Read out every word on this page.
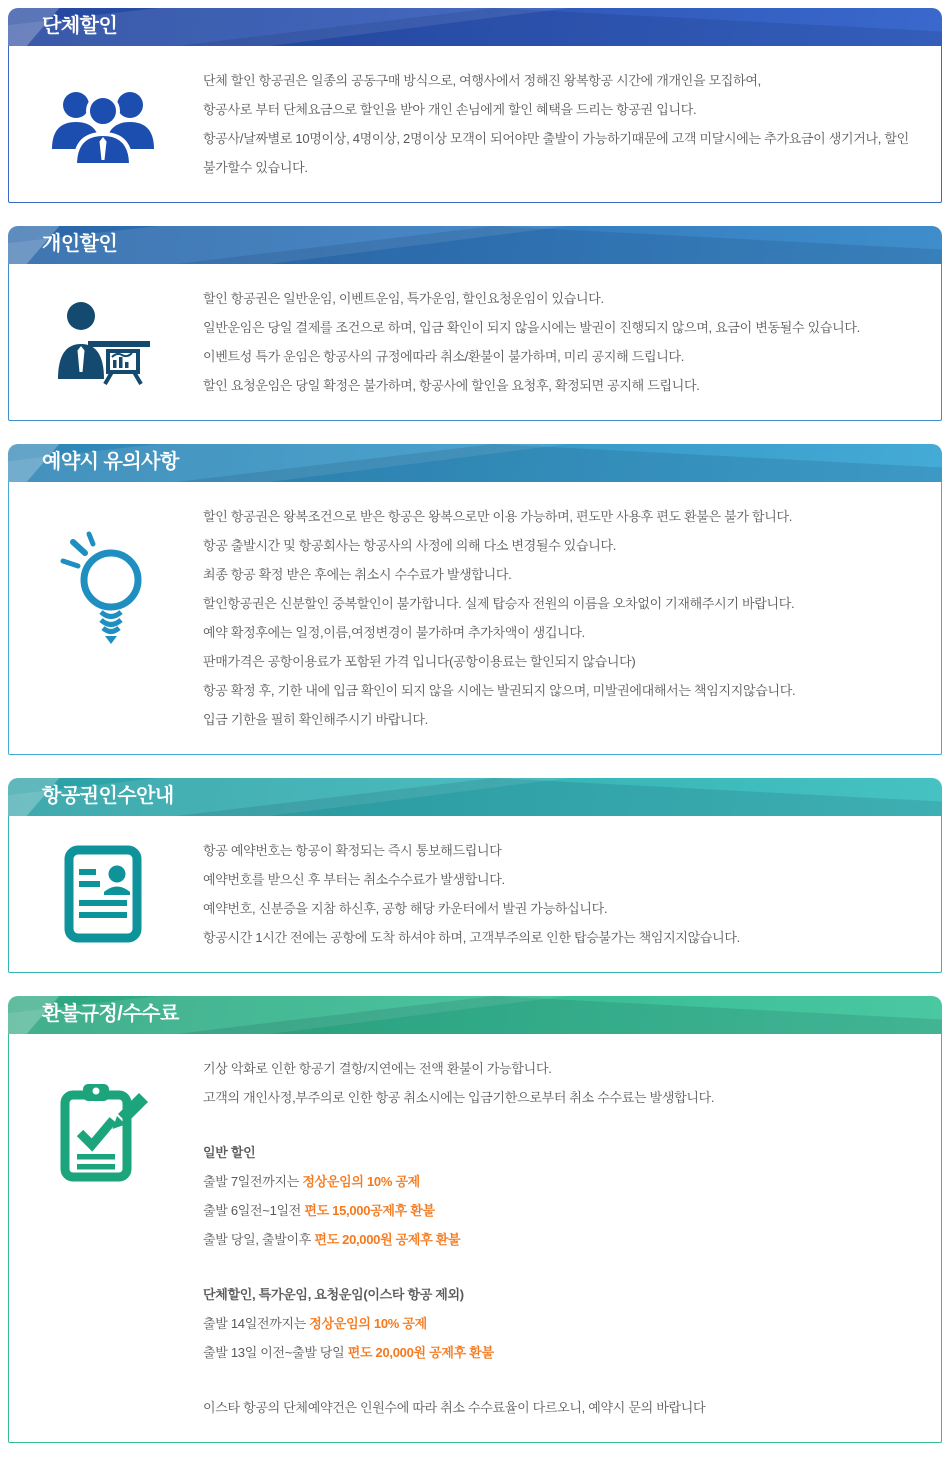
단체할인

단체 할인 항공권은 일종의 공동구매 방식으로, 여행사에서 정해진 왕복항공 시간에 개개인을 모집하여,

항공사로 부터 단체요금으로 할인을 받아 개인 손님에게 할인 혜택을 드리는 항공권 입니다.

항공사/날짜별로 10명이상, 4명이상, 2명이상 모객이 되어야만 출발이 가능하기때문에 고객 미달시에는 추가요금이 생기거나, 할인 불가할수 있습니다.

개인할인

할인 항공권은 일반운임, 이벤트운임, 특가운임, 할인요청운임이 있습니다.

일반운임은 당일 결제를 조건으로 하며, 입금 확인이 되지 않을시에는 발권이 진행되지 않으며, 요금이 변동될수 있습니다.

이벤트성 특가 운임은 항공사의 규정에따라 취소/환불이 불가하며, 미리 공지해 드립니다.

할인 요청운임은 당일 확정은 불가하며, 항공사에 할인을 요청후, 확정되면 공지해 드립니다.

예약시 유의사항

할인 항공권은 왕복조건으로 받은 항공은 왕복으로만 이용 가능하며, 편도만 사용후 편도 환불은 불가 합니다.

항공 출발시간 및 항공회사는 항공사의 사정에 의해 다소 변경될수 있습니다.

최종 항공 확정 받은 후에는 취소시 수수료가 발생합니다.

할인항공권은 신분할인 중복할인이 불가합니다. 실제 탑승자 전원의 이름을 오차없이 기재해주시기 바랍니다.

예약 확정후에는 일정,이름,여정변경이 불가하며 추가차액이 생깁니다.

판매가격은 공항이용료가 포함된 가격 입니다(공항이용료는 할인되지 않습니다)

항공 확정 후, 기한 내에 입금 확인이 되지 않을 시에는 발권되지 않으며, 미발권에대해서는 책임지지않습니다.

입금 기한을 필히 확인해주시기 바랍니다.

항공권인수안내

항공 예약번호는 항공이 확정되는 즉시 통보해드립니다

예약번호를 받으신 후 부터는 취소수수료가 발생합니다.

예약번호, 신분증을 지참 하신후, 공항 해당 카운터에서 발권 가능하십니다.

항공시간 1시간 전에는 공항에 도착 하셔야 하며, 고객부주의로 인한 탑승불가는 책임지지않습니다.

환불규정/수수료

기상 악화로 인한 항공기 결항/지연에는 전액 환불이 가능합니다.

고객의 개인사정,부주의로 인한 항공 취소시에는 입금기한으로부터 취소 수수료는 발생합니다.

일반 할인

출발 7일전까지는 정상운임의 10% 공제

출발 6일전~1일전 편도 15,000공제후 환불

출발 당일, 출발이후 편도 20,000원 공제후 환불

단체할인, 특가운임, 요청운임(이스타 항공 제외)

출발 14일전까지는 정상운임의 10% 공제

출발 13일 이전~출발 당일 편도 20,000원 공제후 환불

이스타 항공의 단체예약건은 인원수에 따라 취소 수수료율이 다르오니, 예약시 문의 바랍니다
